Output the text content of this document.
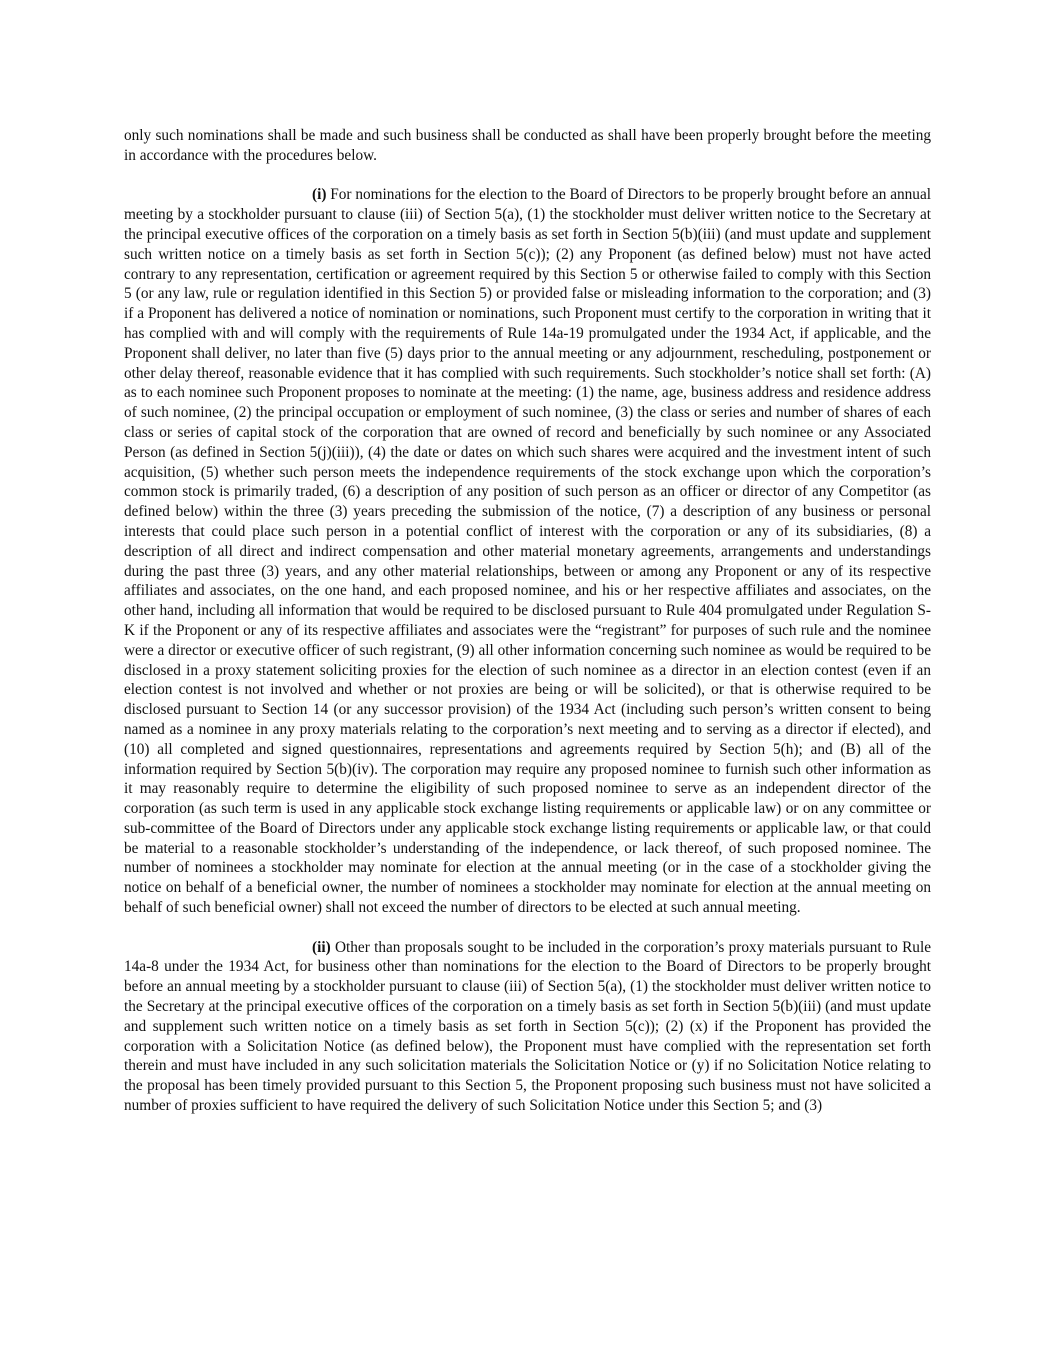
only such nominations shall be made and such business shall be conducted as shall have been properly brought before the meeting in accordance with the procedures below.

(i) For nominations for the election to the Board of Directors to be properly brought before an annual meeting by a stockholder pursuant to clause (iii) of Section 5(a), (1) the stockholder must deliver written notice to the Secretary at the principal executive offices of the corporation on a timely basis as set forth in Section 5(b)(iii) (and must update and supplement such written notice on a timely basis as set forth in Section 5(c)); (2) any Proponent (as defined below) must not have acted contrary to any representation, certification or agreement required by this Section 5 or otherwise failed to comply with this Section 5 (or any law, rule or regulation identified in this Section 5) or provided false or misleading information to the corporation; and (3) if a Proponent has delivered a notice of nomination or nominations, such Proponent must certify to the corporation in writing that it has complied with and will comply with the requirements of Rule 14a-19 promulgated under the 1934 Act, if applicable, and the Proponent shall deliver, no later than five (5) days prior to the annual meeting or any adjournment, rescheduling, postponement or other delay thereof, reasonable evidence that it has complied with such requirements. Such stockholder’s notice shall set forth: (A) as to each nominee such Proponent proposes to nominate at the meeting: (1) the name, age, business address and residence address of such nominee, (2) the principal occupation or employment of such nominee, (3) the class or series and number of shares of each class or series of capital stock of the corporation that are owned of record and beneficially by such nominee or any Associated Person (as defined in Section 5(j)(iii)), (4) the date or dates on which such shares were acquired and the investment intent of such acquisition, (5) whether such person meets the independence requirements of the stock exchange upon which the corporation’s common stock is primarily traded, (6) a description of any position of such person as an officer or director of any Competitor (as defined below) within the three (3) years preceding the submission of the notice, (7) a description of any business or personal interests that could place such person in a potential conflict of interest with the corporation or any of its subsidiaries, (8) a description of all direct and indirect compensation and other material monetary agreements, arrangements and understandings during the past three (3) years, and any other material relationships, between or among any Proponent or any of its respective affiliates and associates, on the one hand, and each proposed nominee, and his or her respective affiliates and associates, on the other hand, including all information that would be required to be disclosed pursuant to Rule 404 promulgated under Regulation S-K if the Proponent or any of its respective affiliates and associates were the “registrant” for purposes of such rule and the nominee were a director or executive officer of such registrant, (9) all other information concerning such nominee as would be required to be disclosed in a proxy statement soliciting proxies for the election of such nominee as a director in an election contest (even if an election contest is not involved and whether or not proxies are being or will be solicited), or that is otherwise required to be disclosed pursuant to Section 14 (or any successor provision) of the 1934 Act (including such person’s written consent to being named as a nominee in any proxy materials relating to the corporation’s next meeting and to serving as a director if elected), and (10) all completed and signed questionnaires, representations and agreements required by Section 5(h); and (B) all of the information required by Section 5(b)(iv). The corporation may require any proposed nominee to furnish such other information as it may reasonably require to determine the eligibility of such proposed nominee to serve as an independent director of the corporation (as such term is used in any applicable stock exchange listing requirements or applicable law) or on any committee or sub-committee of the Board of Directors under any applicable stock exchange listing requirements or applicable law, or that could be material to a reasonable stockholder’s understanding of the independence, or lack thereof, of such proposed nominee. The number of nominees a stockholder may nominate for election at the annual meeting (or in the case of a stockholder giving the notice on behalf of a beneficial owner, the number of nominees a stockholder may nominate for election at the annual meeting on behalf of such beneficial owner) shall not exceed the number of directors to be elected at such annual meeting.

(ii) Other than proposals sought to be included in the corporation’s proxy materials pursuant to Rule 14a-8 under the 1934 Act, for business other than nominations for the election to the Board of Directors to be properly brought before an annual meeting by a stockholder pursuant to clause (iii) of Section 5(a), (1) the stockholder must deliver written notice to the Secretary at the principal executive offices of the corporation on a timely basis as set forth in Section 5(b)(iii) (and must update and supplement such written notice on a timely basis as set forth in Section 5(c)); (2) (x) if the Proponent has provided the corporation with a Solicitation Notice (as defined below), the Proponent must have complied with the representation set forth therein and must have included in any such solicitation materials the Solicitation Notice or (y) if no Solicitation Notice relating to the proposal has been timely provided pursuant to this Section 5, the Proponent proposing such business must not have solicited a number of proxies sufficient to have required the delivery of such Solicitation Notice under this Section 5; and (3)
